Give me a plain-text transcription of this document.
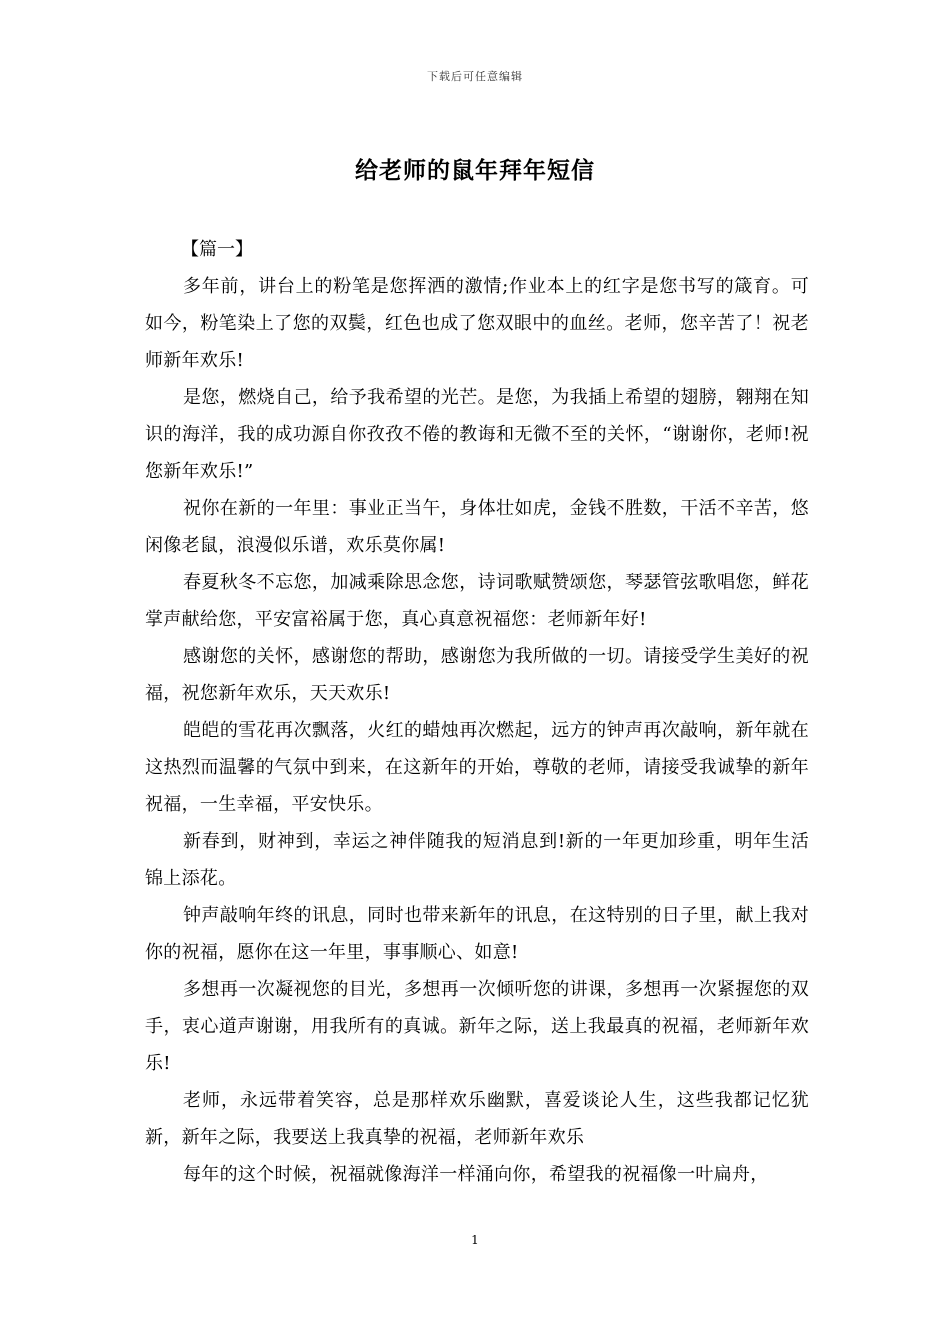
下载后可任意编辑
给老师的鼠年拜年短信

【篇一】

多年前，讲台上的粉笔是您挥洒的激情;作业本上的红字是您书写的箴育。可如今，粉笔染上了您的双鬓，红色也成了您双眼中的血丝。老师，您辛苦了！祝老师新年欢乐!

是您，燃烧自己，给予我希望的光芒。是您，为我插上希望的翅膀，翱翔在知识的海洋，我的成功源自你孜孜不倦的教诲和无微不至的关怀，“谢谢你，老师!祝您新年欢乐!”

祝你在新的一年里：事业正当午，身体壮如虎，金钱不胜数，干活不辛苦，悠闲像老鼠，浪漫似乐谱，欢乐莫你属!

春夏秋冬不忘您，加减乘除思念您，诗词歌赋赞颂您，琴瑟管弦歌唱您，鲜花掌声献给您，平安富裕属于您，真心真意祝福您：老师新年好!

感谢您的关怀，感谢您的帮助，感谢您为我所做的一切。请接受学生美好的祝福，祝您新年欢乐，天天欢乐!

皑皑的雪花再次飘落，火红的蜡烛再次燃起，远方的钟声再次敲响，新年就在这热烈而温馨的气氛中到来，在这新年的开始，尊敬的老师，请接受我诚挚的新年祝福，一生幸福，平安快乐。

新春到，财神到，幸运之神伴随我的短消息到!新的一年更加珍重，明年生活锦上添花。

钟声敲响年终的讯息，同时也带来新年的讯息，在这特别的日子里，献上我对你的祝福，愿你在这一年里，事事顺心、如意!

多想再一次凝视您的目光，多想再一次倾听您的讲课，多想再一次紧握您的双手，衷心道声谢谢，用我所有的真诚。新年之际，送上我最真的祝福，老师新年欢乐!

老师，永远带着笑容，总是那样欢乐幽默，喜爱谈论人生，这些我都记忆犹新，新年之际，我要送上我真挚的祝福，老师新年欢乐

每年的这个时候，祝福就像海洋一样涌向你，希望我的祝福像一叶扁舟，

1
